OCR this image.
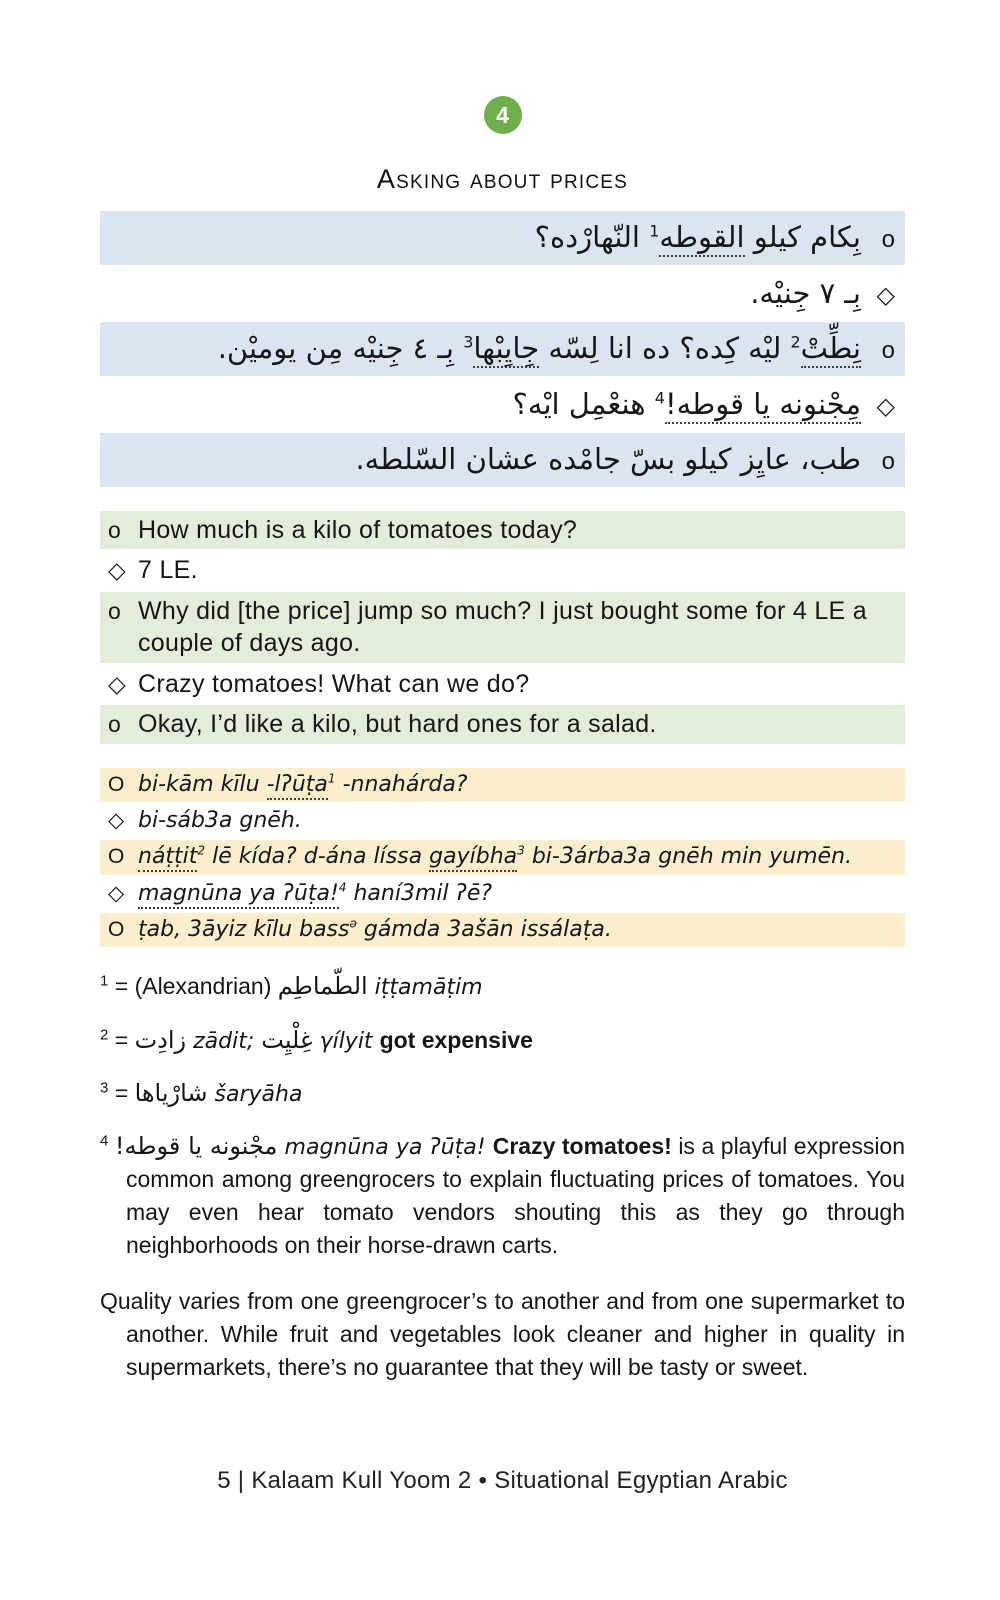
4
Asking about prices
o
بِكام كيلو القوطه$^1$ النّهارْده؟
◇
بِـ ٧ جِنيْه.
o
نِطِّتْ$^2$ ليْه كِده؟ ده انا لِسّه جِايِبْها$^3$ بِـ ٤ جِنيْه مِن يوميْن.
◇
مِجْنونه يا قوطه!$^4$ هنعْمِل ايْه؟
o
طب، عايِز كيلو بسّ جامْده عشان السّلطه.
o How much is a kilo of tomatoes today?
◇ 7 LE.
o Why did [the price] jump so much? I just bought some for 4 LE a couple of days ago.
◇ Crazy tomatoes! What can we do?
o Okay, I’d like a kilo, but hard ones for a salad.
O bi-kām kīlu -lʔūṭa$^1$ -nnahárda?
◇ bi-sáb3a gnēh.
O náṭṭit$^2$ lē kída? d-ána líssa gayíbha$^3$ bi-3árba3a gnēh min yumēn.
◇ magnūna ya ʔūṭa!$^4$ haní3mil ʔē?
O ṭab, 3āyiz kīlu bass$^ə$ gámda 3ašān issálaṭa.

$^1$ = (Alexandrian) الطّماطِم iṭṭamāṭim

$^2$ = زادِت zādit; غِلْيِت γílyit got expensive

$^3$ = شارْياها šaryāha

$^4$ مجْنونه يا قوطه! magnūna ya ʔūṭa! Crazy tomatoes! is a playful expression common among greengrocers to explain fluctuating prices of tomatoes. You may even hear tomato vendors shouting this as they go through neighborhoods on their horse-drawn carts.

Quality varies from one greengrocer’s to another and from one supermarket to another. While fruit and vegetables look cleaner and higher in quality in supermarkets, there’s no guarantee that they will be tasty or sweet.

5 | Kalaam Kull Yoom 2 • Situational Egyptian Arabic
